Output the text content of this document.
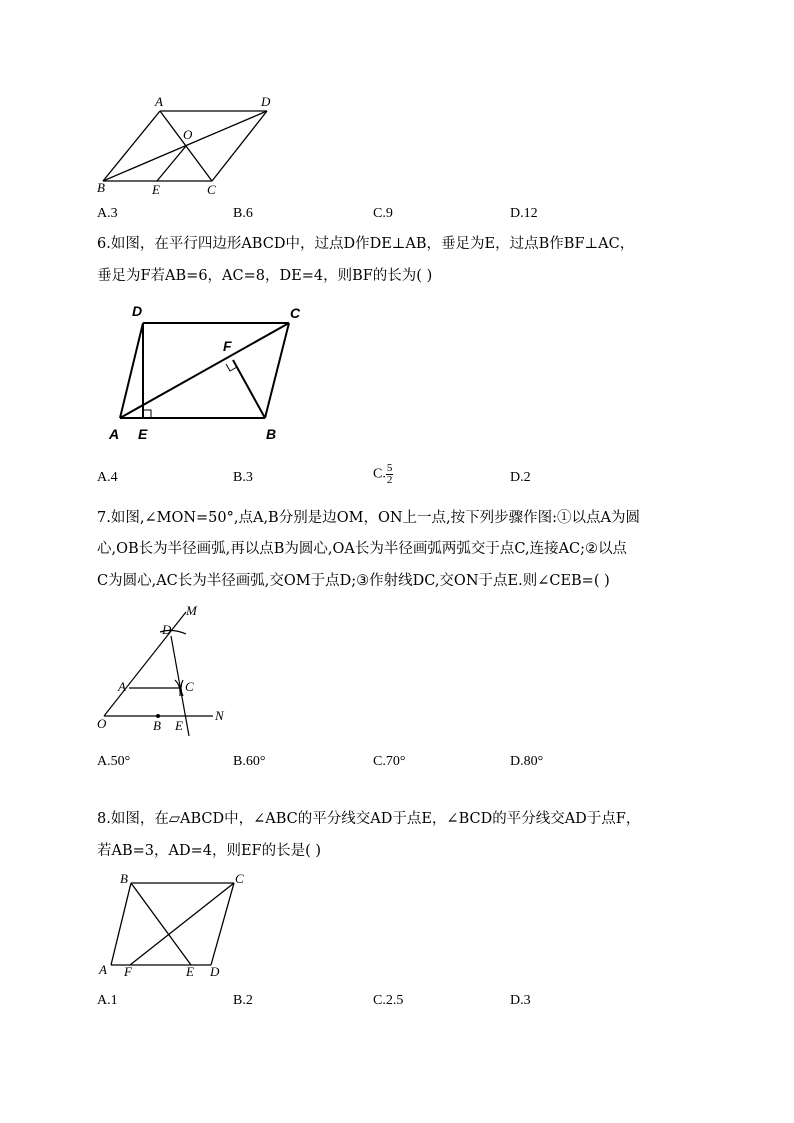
A	D
O
B	E	C
A.3	B.6	C.9	D.12
6.如图，在平行四边形ABCD中，过点D作DE⊥AB，垂足为E，过点B作BF⊥AC，
垂足为F若AB=6，AC=8，DE=4，则BF的长为( )
D	C
F
A E	B
A.4	B.3	C. $\frac{5}{2}$	D.2
7.如图,∠MON=50°,点A,B分别是边OM，ON上一点,按下列步骤作图:①以点A为圆
心,OB长为半径画弧,再以点B为圆心,OA长为半径画弧两弧交于点C,连接AC;②以点
C为圆心,AC长为半径画弧,交OM于点D;③作射线DC,交ON于点E.则∠CEB=( )
M
D
A	C
O	B E
N
A.50°	B.60°	C.70°	D.80°
8.如图，在▱ABCD中，∠ABC的平分线交AD于点E，∠BCD的平分线交AD于点F，
若AB=3，AD=4，则EF的长是( )
B	C
A F	E D
A.1	B.2	C.2.5	D.3
